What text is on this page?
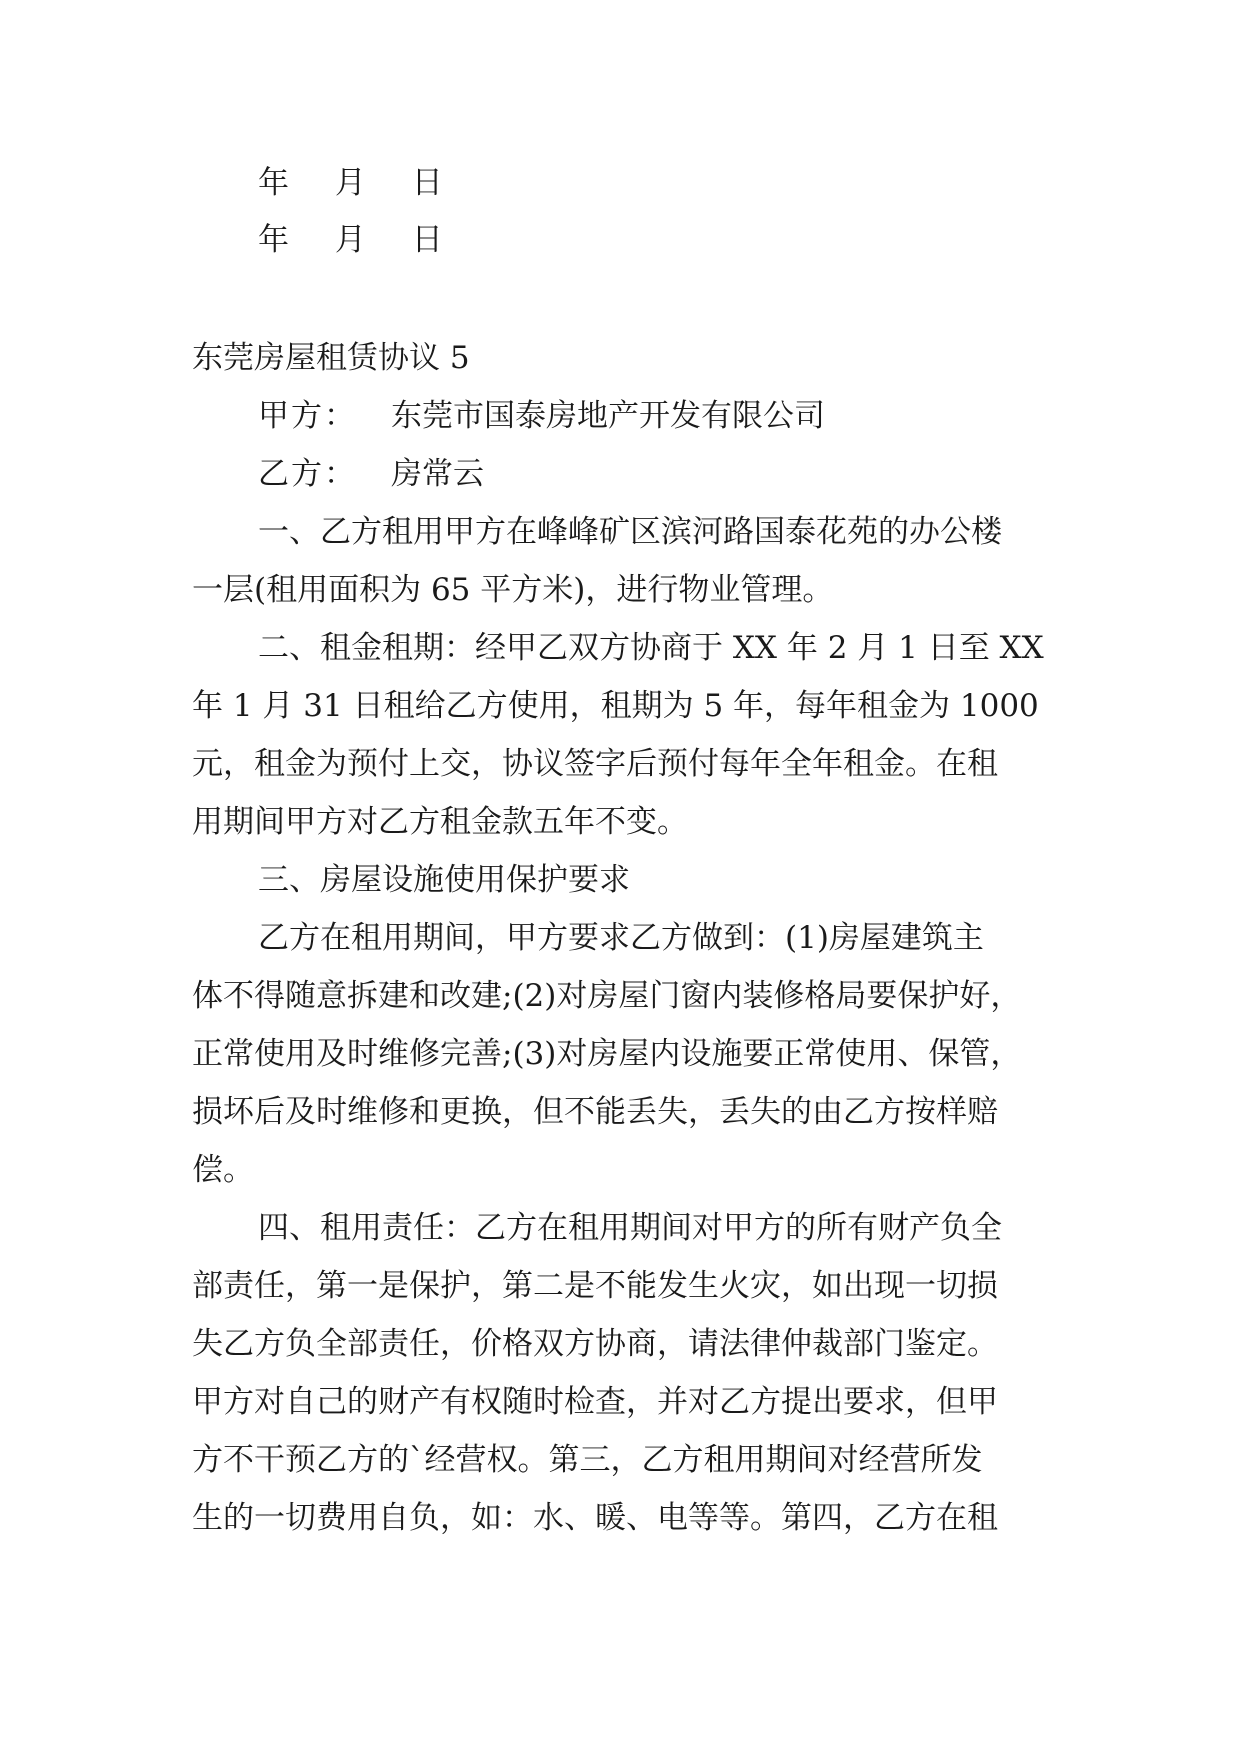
年 月 日
年 月 日
东莞房屋租赁协议 5
甲方： 东莞市国泰房地产开发有限公司
乙方： 房常云
一、乙方租用甲方在峰峰矿区滨河路国泰花苑的办公楼
一层(租用面积为 65 平方米)，进行物业管理。
二、租金租期：经甲乙双方协商于 XX 年 2 月 1 日至 XX
年 1 月 31 日租给乙方使用，租期为 5 年，每年租金为 1000
元，租金为预付上交，协议签字后预付每年全年租金。在租
用期间甲方对乙方租金款五年不变。
三、房屋设施使用保护要求
乙方在租用期间，甲方要求乙方做到：(1)房屋建筑主
体不得随意拆建和改建;(2)对房屋门窗内装修格局要保护好，
正常使用及时维修完善;(3)对房屋内设施要正常使用、保管，
损坏后及时维修和更换，但不能丢失，丢失的由乙方按样赔
偿。
四、租用责任：乙方在租用期间对甲方的所有财产负全
部责任，第一是保护，第二是不能发生火灾，如出现一切损
失乙方负全部责任，价格双方协商，请法律仲裁部门鉴定。
甲方对自己的财产有权随时检查，并对乙方提出要求，但甲
方不干预乙方的`经营权。第三，乙方租用期间对经营所发
生的一切费用自负，如：水、暖、电等等。第四，乙方在租
